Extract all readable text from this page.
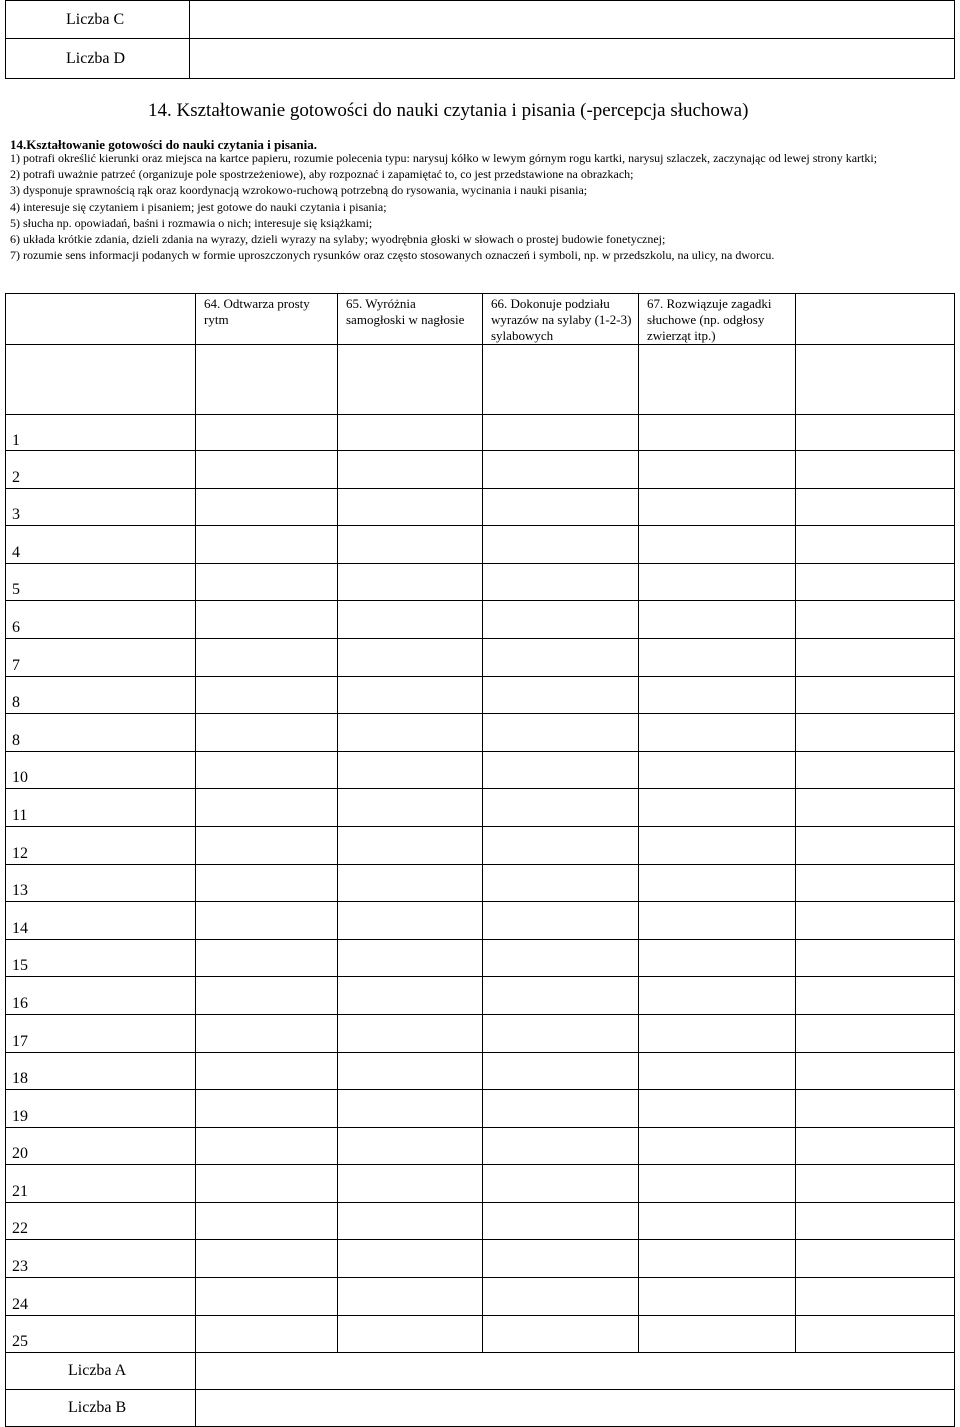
Liczba C	
Liczba D	
14. Kształtowanie gotowości do nauki czytania i pisania (-percepcja słuchowa)
14.Kształtowanie gotowości do nauki czytania i pisania.

1) potrafi określić kierunki oraz miejsca na kartce papieru, rozumie polecenia typu: narysuj kółko w lewym górnym rogu kartki, narysuj szlaczek, zaczynając od lewej strony kartki;

2) potrafi uważnie patrzeć (organizuje pole spostrzeżeniowe), aby rozpoznać i zapamiętać to, co jest przedstawione na obrazkach;

3) dysponuje sprawnością rąk oraz koordynacją wzrokowo-ruchową potrzebną do rysowania, wycinania i nauki pisania;

4) interesuje się czytaniem i pisaniem; jest gotowe do nauki czytania i pisania;

5) słucha np. opowiadań, baśni i rozmawia o nich; interesuje się książkami;

6) układa krótkie zdania, dzieli zdania na wyrazy, dzieli wyrazy na sylaby; wyodrębnia głoski w słowach o prostej budowie fonetycznej;

7) rozumie sens informacji podanych w formie uproszczonych rysunków oraz często stosowanych oznaczeń i symboli, np. w przedszkolu, na ulicy, na dworcu.

	64. Odtwarza prosty rytm	65. Wyróżnia samogłoski w nagłosie	66. Dokonuje podziału wyrazów na sylaby (1-2-3) sylabowych	67. Rozwiązuje zagadki słuchowe (np. odgłosy zwierząt itp.)	

1					
2					
3					
4					
5					
6					
7					
8					
8					
10					
11					
12					
13					
14					
15					
16					
17					
18					
19					
20					
21					
22					
23					
24					
25					
Liczba A					
Liczba B					
